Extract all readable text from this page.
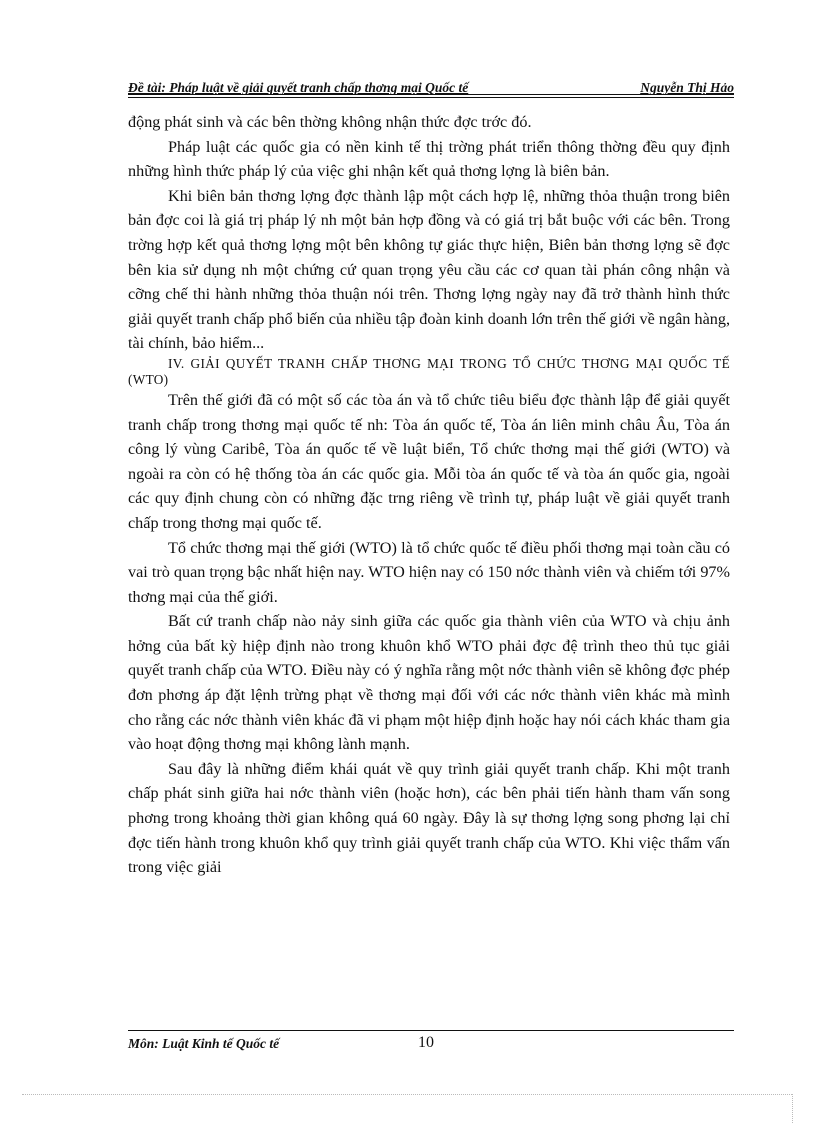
Đề tài: Pháp luật về giải quyết tranh chấp thơng mại Quốc tế	Nguyễn Thị Hảo

động phát sinh và các bên thờng không nhận thức đợc trớc đó.

Pháp luật các quốc gia có nền kinh tế thị trờng phát triển thông thờng đều quy định những hình thức pháp lý của việc ghi nhận kết quả thơng lợng là biên bản.

Khi biên bản thơng lợng đợc thành lập một cách hợp lệ, những thỏa thuận trong biên bản đợc coi là giá trị pháp lý nh một bản hợp đồng và có giá trị bắt buộc với các bên. Trong trờng hợp kết quả thơng lợng một bên không tự giác thực hiện, Biên bản thơng lợng sẽ đợc bên kia sử dụng nh một chứng cứ quan trọng yêu cầu các cơ quan tài phán công nhận và cỡng chế thi hành những thỏa thuận nói trên. Thơng lợng ngày nay đã trở thành hình thức giải quyết tranh chấp phổ biến của nhiều tập đoàn kinh doanh lớn trên thế giới về ngân hàng, tài chính, bảo hiểm...

IV. GIẢI QUYẾT TRANH CHẤP THƠNG MẠI TRONG TỔ CHỨC THƠNG MẠI QUỐC TẾ (WTO)

Trên thế giới đã có một số các tòa án và tổ chức tiêu biểu đợc thành lập để giải quyết tranh chấp trong thơng mại quốc tế nh: Tòa án quốc tế, Tòa án liên minh châu Âu, Tòa án công lý vùng Caribê, Tòa án quốc tế về luật biển, Tổ chức thơng mại thế giới (WTO) và ngoài ra còn có hệ thống tòa án các quốc gia. Mỗi tòa án quốc tế và tòa án quốc gia, ngoài các quy định chung còn có những đặc trng riêng về trình tự, pháp luật về giải quyết tranh chấp trong thơng mại quốc tế.

Tổ chức thơng mại thế giới (WTO) là tổ chức quốc tế điều phối thơng mại toàn cầu có vai trò quan trọng bậc nhất hiện nay. WTO hiện nay có 150 nớc thành viên và chiếm tới 97% thơng mại của thế giới.

Bất cứ tranh chấp nào nảy sinh giữa các quốc gia thành viên của WTO và chịu ảnh hởng của bất kỳ hiệp định nào trong khuôn khổ WTO phải đợc đệ trình theo thủ tục giải quyết tranh chấp của WTO. Điều này có ý nghĩa rằng một nớc thành viên sẽ không đợc phép đơn phơng áp đặt lệnh trừng phạt về thơng mại đối với các nớc thành viên khác mà mình cho rằng các nớc thành viên khác đã vi phạm một hiệp định hoặc hay nói cách khác tham gia vào hoạt động thơng mại không lành mạnh.

Sau đây là những điểm khái quát về quy trình giải quyết tranh chấp. Khi một tranh chấp phát sinh giữa hai nớc thành viên (hoặc hơn), các bên phải tiến hành tham vấn song phơng trong khoảng thời gian không quá 60 ngày. Đây là sự thơng lợng song phơng lại chỉ đợc tiến hành trong khuôn khổ quy trình giải quyết tranh chấp của WTO. Khi việc thẩm vấn trong việc giải

Môn: Luật Kinh tế Quốc tế	10
